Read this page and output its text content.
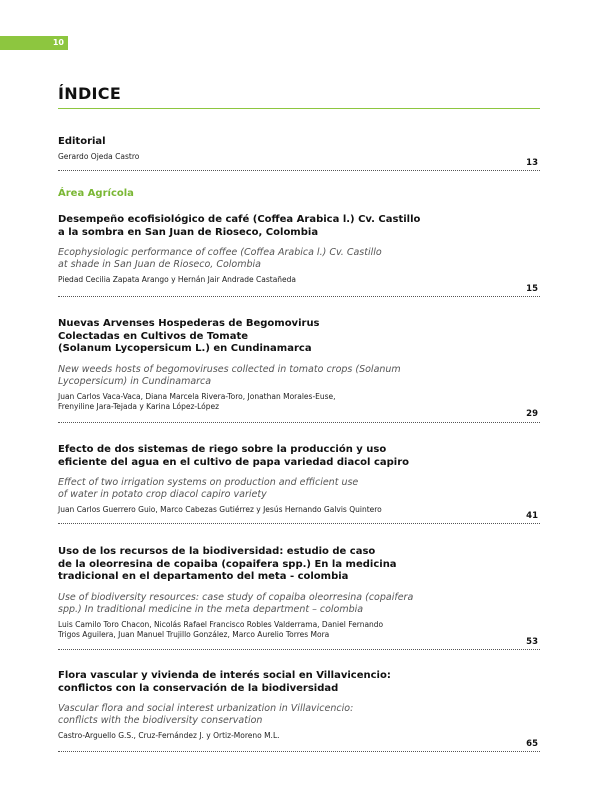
10
ÍNDICE
Editorial
Gerardo Ojeda Castro
13
Área Agrícola
Desempeño ecofisiológico de café (Coffea Arabica l.) Cv. Castillo
a la sombra en San Juan de Rioseco, Colombia
Ecophysiologic performance of coffee (Coffea Arabica l.) Cv. Castillo
at shade in San Juan de Rioseco, Colombia
Piedad Cecilia Zapata Arango y Hernán Jair Andrade Castañeda
15
Nuevas Arvenses Hospederas de Begomovirus
Colectadas en Cultivos de Tomate
(Solanum Lycopersicum L.) en Cundinamarca
New weeds hosts of begomoviruses collected in tomato crops (Solanum
Lycopersicum) in Cundinamarca
Juan Carlos Vaca-Vaca, Diana Marcela Rivera-Toro, Jonathan Morales-Euse,
Frenyiline Jara-Tejada y Karina López-López
29
Efecto de dos sistemas de riego sobre la producción y uso
eficiente del agua en el cultivo de papa variedad diacol capiro
Effect of two irrigation systems on production and efficient use
of water in potato crop diacol capiro variety
Juan Carlos Guerrero Guio, Marco Cabezas Gutiérrez y Jesús Hernando Galvis Quintero
41
Uso de los recursos de la biodiversidad: estudio de caso
de la oleorresina de copaiba (copaifera spp.) En la medicina
tradicional en el departamento del meta - colombia
Use of biodiversity resources: case study of copaiba oleorresina (copaifera
spp.) In traditional medicine in the meta department – colombia
Luis Camilo Toro Chacon, Nicolás Rafael Francisco Robles Valderrama, Daniel Fernando
Trigos Aguilera, Juan Manuel Trujillo González, Marco Aurelio Torres Mora
53
Flora vascular y vivienda de interés social en Villavicencio:
conflictos con la conservación de la biodiversidad
Vascular flora and social interest urbanization in Villavicencio:
conflicts with the biodiversity conservation
Castro-Arguello G.S., Cruz-Fernández J. y Ortiz-Moreno M.L.
65
